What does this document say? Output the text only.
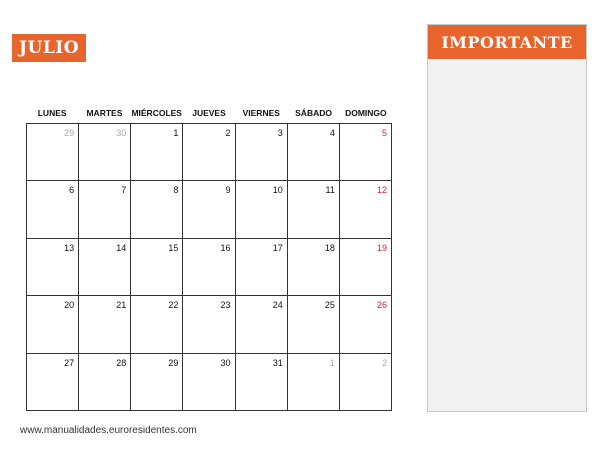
JULIO
LUNES	MARTES	MIÉRCOLES	JUEVES	VIERNES	SÁBADO	DOMINGO
29	30	1	2	3	4	5
6	7	8	9	10	11	12
13	14	15	16	17	18	19
20	21	22	23	24	25	26
27	28	29	30	31	1	2
IMPORTANTE
www.manualidades.euroresidentes.com
